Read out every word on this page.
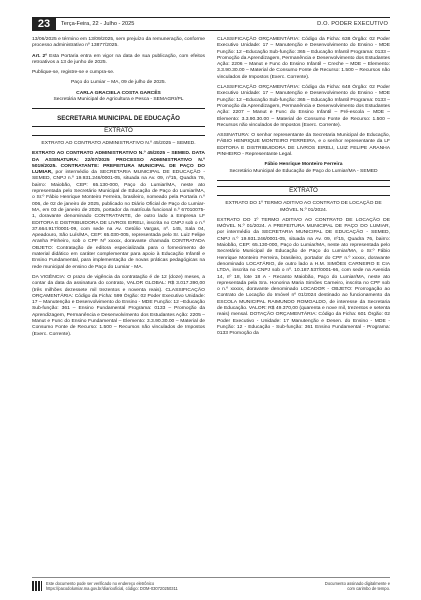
23	Terça-Feira, 22 - Julho - 2025	D.O. PODER EXECUTIVO

13/06/2025 e término em 13/09/2025, sem prejuízo da remuneração, conforme processo administrativo nº 13877/2025.

Art. 2º Esta Portaria entra em vigor na data de sua publicação, com efeitos retroativos a 13 de junho de 2025.

Publique-se, registre-se e cumpra-se.

Paço do Lumiar – MA, 09 de julho de 2025.

CARLA GRACIELA COSTA GARCÊS

Secretária Municipal de Agricultura e Pesca - SEMAGRI/PL

SECRETARIA MUNICIPAL DE EDUCAÇÃO

EXTRATO

EXTRATO AO CONTRATO ADMINISTRATIVO N.º 45/2025 – SEMED.

EXTRATO AO CONTRATO ADMINISTRATIVO N.º 45/2025 – SEMED. DATA DA ASSINATURA: 22/07/2025 PROCESSO ADMINISTRATIVO N.º 5019/2025. CONTRATANTE: PREFEITURA MUNICIPAL DE PAÇO DO LUMIAR, por intermédio da SECRETARIA MUNICIPAL DE EDUCAÇÃO - SEMED, CNPJ n.º 19.931.246/0001-05, situada na Av. 09, nº15, Quadra 76, bairro: Maiobão, CEP: 65.130-000, Paço do Lumiar/MA, neste ato representada pelo Secretário Municipal de Educação de Paço do Lumiar/MA, o Sr.º Fábio Henrique Monteiro Ferreira, brasileiro, nomeado pela Portaria n.º 006, de 02 de janeiro de 2025, publicado no Diário Oficial de Paço do Lumiar-MA, em 03 de janeiro de 2025, portador da matrícula funcional n.º 67010075-1, doravante denominado CONTRATANTE, de outro lado a Empresa LF EDITORA E DISTRIBUIDORA DE LIVROS EIRELI, inscrita no CNPJ sob o n.º 37.664.917/0001-09, com sede na Av. Getúlio Vargas, nº. 145, Sala 04, Apeadouro, São Luís/MA, CEP: 65.030-005, representada pelo Sr. Luiz Felipe Aranha Pinheiro, sob o CPF Nº xxxxx, doravante chamada CONTRATADA OBJETO: Contratação de editora especializada para o fornecimento de material didático em caráter complementar para apoio à Educação Infantil e Ensino Fundamental, para implementação de novas práticas pedagógicas na rede municipal de ensino de Paço do Lumiar - MA.

DA VIGÊNCIA: O prazo de vigência da contratação é de 12 (doze) meses, a contar da data da assinatura do contrato, VALOR GLOBAL: R$ 3.017.390,00 (três milhões dezessete mil trezentos e noventa reais). CLASSIFICAÇÃO ORÇAMENTÁRIA: Código da Ficha: 599 Órgão: 02 Poder Executivo Unidade: 17 – Manutenção e Desenvolvimento do Ensino - MDE Função: 12 –Educação Sub-função: 361 – Ensino Fundamental Programa: 0133 – Promoção da Aprendizagem, Permanência e Desenvolvimento dos Estudantes Ação: 2205 – Manut e Func do Ensino Fundamental – Elemento: 3.3.90.30.00 – Material de Consumo Fonte de Recurso: 1.500 – Recursos não vinculados de Impostos (Exerc. Corrente).

CLASSIFICAÇÃO ORÇAMENTÁRIA: Código da Ficha: 638 Órgão: 02 Poder Executivo Unidade: 17 – Manutenção e Desenvolvimento do Ensino - MDE Função: 12 –Educação Sub-função: 365 – Educação Infantil Programa: 0133 – Promoção da Aprendizagem, Permanência e Desenvolvimento dos Estudantes Ação: 2206 – Manut e Func do Ensino Infantil – Creche – MDE – Elemento: 3.3.90.30.00 – Material de Consumo Fonte de Recurso: 1.500 – Recursos não vinculados de Impostos (Exerc. Corrente).

CLASSIFICAÇÃO ORÇAMENTÁRIA: Código da Ficha: 648 Órgão: 02 Poder Executivo Unidade: 17 – Manutenção e Desenvolvimento do Ensino - MDE Função: 12 –Educação Sub-função: 365 – Educação Infantil Programa: 0133 – Promoção da Aprendizagem, Permanência e Desenvolvimento dos Estudantes Ação: 2207 – Manut e Func do Ensino Infantil – Pré-escola – MDE – Elemento: 3.3.90.30.00 – Material de Consumo Fonte de Recurso: 1.500 – Recursos não vinculados de Impostos (Exerc. Corrente).

ASSINATURA: O senhor representante da Secretaria Municipal de Educação, FÁBIO HENRIQUE MONTEIRO FERREIRA, e o senhor representante da LF EDITORA E DISTRIBUIDORA DE LIVROS EIRELI, LUIZ FELIPE ARANHA PINHEIRO - Representante Legal.

Fábio Henrique Monteiro Ferreira

Secretário Municipal de Educação de Paço do Lumiar/MA - SEMED

EXTRATO

EXTRATO DO 1º TERMO ADITIVO AO CONTRATO DE LOCAÇÃO DE IMÓVEL N.º 01/2024.

EXTRATO DO 1º TERMO ADITIVO AO CONTRATO DE LOCAÇÃO DE IMÓVEL N.º 01/2024. A PREFEITURA MUNICIPAL DE PAÇO DO LUMIAR, por intermédio da SECRETARIA MUNICIPAL DE EDUCAÇÃO - SEMED, CNPJ n.º 19.931.246/0001-05, situada na Av. 09, nº15, Quadra 76, bairro: Maiobão, CEP: 65.130-000, Paço do Lumiar/MA, neste ato representada pelo Secretário Municipal de Educação de Paço do Lumiar/MA, o Sr.º Fábio Henrique Monteiro Ferreira, brasileiro, portador do CPF n.º xxxxx, doravante denominado LOCATÁRIO, de outro lado a H.M. SIMÕES CARNEIRO E CIA LTDA, inscrita no CNPJ sob o nº. 10.187.537/0001-66, com sede na Avenida 14, nº 18, lote 18 A - Recanto Maiobão, Paço do Lumiar/MA, neste ato representada pela Sra. Honorina Maria Simões Carneiro, inscrita no CPF sob o n.º xxxxx, doravante denominado LOCADOR - OBJETO: Prorrogação ao Contrato de Locação do Imóvel nº 01/2024 destinado ao funcionamento da ESCOLA MUNICIPAL RAIMUNDO ROMOALDO, de interesse da Secretaria de Educação. VALOR: R$ 49.370,00 (quarenta e nove mil, trezentos e setenta reais) mensal. DOTAÇÃO ORÇAMENTÁRIA: Código da Ficha: 601 Órgão: 02 Poder Executivo - Unidade: 17 Manutenção e Desen. do Ensino - MDE - Função: 12 - Educação - Sub-função: 361 Ensino Fundamental - Programa: 0133 Promoção da

Este documento pode ser verificado no endereço eletrônico
https://pacodolumiar.ma.gov.br/diariooficial, código: DOM-030720250311
Documento assinado digitalmente e
com carimbo de tempo.
